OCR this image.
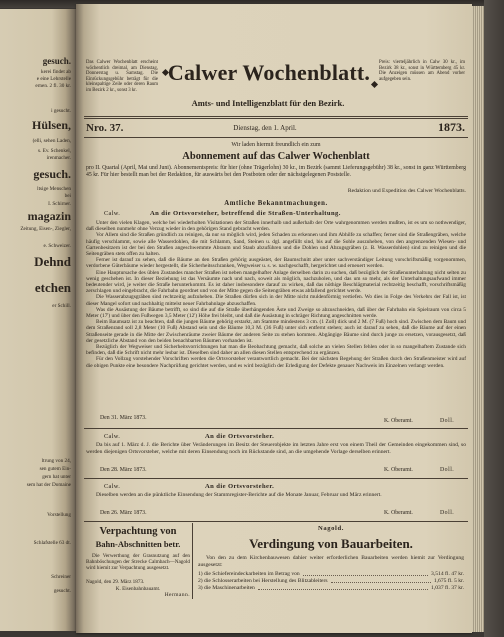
gesuch.
kerei findet ab
e eine Lehrstelle
ernen. 2 fl. 30 kr.
i gesucht.
Hülsen,
(elli, sehen Laden,
s. Ev. Schenkel,
irenmacher.
gesuch.
ltsige Menschen
bei
I. Schirner.
magazin
Zeitung, Eisen-, Ziegler,
e. Schweizer.
Dehnd
etchen
er Schill.
ltrung von 24,
sen gutem Ein-
gern hat unter
sem hat der Domaine
Vorstellung
Schlafstelle 63 dt.
Schreiner
gesucht.
Das Calwer Wochenblatt erscheint wöchentlich dreimal, am Dienstag, Donnerstag u. Samstag. Die Einrückungsgebühr beträgt für die kleinspaltige Zeile oder deren Raum im Bezirk 2 kr., sonst 3 kr.
Calwer Wochenblatt.
Amts- und Intelligenzblatt für den Bezirk.
Preis: vierteljährlich in Calw 30 kr., im Bezirk 38 kr., sonst in Württemberg 45 kr. Die Anzeigen müssen am Abend vorher aufgegeben sein.
Nro. 37.	Dienstag, den 1. April.	1873.
Wir laden hiermit freundlich ein zum
Abonnement auf das Calwer Wochenblatt
pro II. Quartal (April, Mai und Juni). Abonnementspreis: für hier (ohne Trägerlohn) 30 kr., im Bezirk (sammt Lieferungsgebühr) 38 kr., sonst in ganz Württemberg 45 kr. Für hier bestellt man bei der Redaktion, für auswärts bei den Postboten oder der nächstgelegenen Poststelle.
Redaktion und Expedition des Calwer Wochenblatts.
Amtliche Bekanntmachungen.
Calw.	An die Ortsvorsteher, betreffend die Straßen-Unterhaltung.

Unter den vielen Klagen, welche bei wiederholten Visitationen der Straßen innerhalb und außerhalb der Orte wahrgenommen werden mußten, ist es um so nothwendiger, daß dieselben nunmehr ohne Verzug wieder in den gehörigen Stand gebracht werden.

Vor Allem sind die Straßen gründlich zu reinigen, da nur so möglich wird, jeden Schaden zu erkennen und ihm Abhilfe zu schaffen; ferner sind die Straßengräben, welche häufig verschlammt, sowie alle Wasserdohlen, die mit Schlamm, Sand, Steinen u. dgl. angefüllt sind, bis auf die Sohle auszuheben, von den angrenzenden Wiesen- und Gartenbesitzern ist der bei den Straßen angeschwemmte Abraum und Staub abzuführen und die Dohlen und Abzugsgräben (z. B. Wasserdohlen) sind zu reinigen und die Seitengräben stets offen zu halten.

Ferner ist darauf zu sehen, daß die Bäume an den Straßen gehörig ausgeästet, der Baumschnitt aber unter sachverständiger Leitung vorschriftsmäßig vorgenommen, verdorbene Güterbäume wieder hergestellt, die Sicherheitsschranken, Wegweiser u. s. w. nachgeschafft, hergerichtet und erneuert werden.

Eine Hauptursache des üblen Zustandes mancher Straßen ist neben mangelhafter Anlage derselben darin zu suchen, daß bezüglich der Straßenunterhaltung nicht selten zu wenig geschehen ist. In dieser Beziehung ist das Versäumte nach und nach, soweit als möglich, nachzuholen, und das um so mehr, als der Unterhaltungsaufwand immer bedeutender wird, je weiter die Straße herunterkommt. Es ist daher insbesondere darauf zu wirken, daß das nöthige Beschlägmaterial rechtzeitig beschafft, vorschriftsmäßig zerschlagen und eingebracht, die Fahrbahn geordnet und von der Mitte gegen die Seitengräben etwas abfallend gerichtet werde.

Die Wasserabzugsgräben sind rechtzeitig aufzuheben. Die Straßen dürfen sich in der Mitte nicht muldenförmig vertiefen. Wo dies in Folge des Verkehrs der Fall ist, ist dieser Mangel sofort und nachhaltig mittelst neuer Fahrbahnlage abzuschaffen.

Was die Ausästung der Bäume betrifft, so sind die auf die Straße überhängenden Äste und Zweige so abzuschneiden, daß über der Fahrbahn ein Spielraum von circa 5 Meter (17') und über den Fußwegen 3,5 Meter (12') Höhe frei bleibt, und daß die Ausästung in schräger Richtung angeschnitten werde.

Beim Baumsatz ist zu beachten, daß die jungen Bäume gehörig erstarkt, am Stamme mindestens 3 cm. (1 Zoll) dick und 2 M. (7 Fuß) hoch sind. Zwischen dem Baum und dem Straßenrand soll 2,8 Meter (10 Fuß) Abstand sein und die Bäume 10,3 M. (36 Fuß) unter sich entfernt stehen; auch ist darauf zu sehen, daß die Bäume auf der einen Straßenseite gerade in die Mitte der Zwischenräume zweier Bäume der anderen Seite zu stehen kommen. Abgängige Bäume sind durch junge zu ersetzen, vorausgesetzt, daß der gesetzliche Abstand von den beiden benachbarten Bäumen vorhanden ist.

Bezüglich der Wegweiser und Sicherheitsvorrichtungen hat man die Beobachtung gemacht, daß solche an vielen Stellen fehlen oder in so mangelhaftem Zustande sich befinden, daß die Schrift nicht mehr lesbar ist. Dieselben sind daher an allen diesen Stellen entsprechend zu ergänzen.

Für den Vollzug vorstehender Vorschriften werden die Ortsvorsteher verantwortlich gemacht. Bei der nächsten Begehung der Straßen durch den Straßenmeister wird auf die obigen Punkte eine besondere Nachprüfung gerichtet werden, und es wird bezüglich der Erledigung der Defekte genauer Nachweis im Einzelnen verlangt werden.

Den 31. März 1873.	K. Oberamt.	Doll.
Calw.	An die Ortsvorsteher.

Da bis auf 1. März d. J. die Berichte über Veränderungen im Besitz der Steuerobjekte im letzten Jahre erst von einem Theil der Gemeinden eingekommen sind, so werden diejenigen Ortsvorsteher, welche mit deren Einsendung noch im Rückstande sind, an die umgehende Vorlage derselben erinnert.

Den 28. März 1873.	K. Oberamt.	Doll.
Calw.	An die Ortsvorsteher.

Dieselben werden an die pünktliche Einsendung der Stammregister-Berichte auf die Monate Januar, Februar und März erinnert.

Den 26. März 1873.	K. Oberamt.	Doll.
Verpachtung von
Bahn-Abschnitten betr.
Die Verwerthung der Grasnutzung auf den Bahnböschungen der Strecke Calmbach—Nagold wird hiemit zur Verpachtung ausgesetzt.
Nagold, den 29. März 1873.
K. Eisenbahnbauamt.
Hermann.
Nagold.
Verdingung von Bauarbeiten.
Von den zu dem Kirchenbauwesen dahier weiter erforderlichen Bauarbeiten werden hiemit zur Verdingung ausgesetzt:
1) die Schiefereindeckarbeiten im Betrag von	3,514 fl. 47 kr.
2) die Schlosserarbeiten bei Herstellung des Blitzableiters	1,675 fl. 5 kr.
3) die Maschinenarbeiten	1,037 fl. 37 kr.
